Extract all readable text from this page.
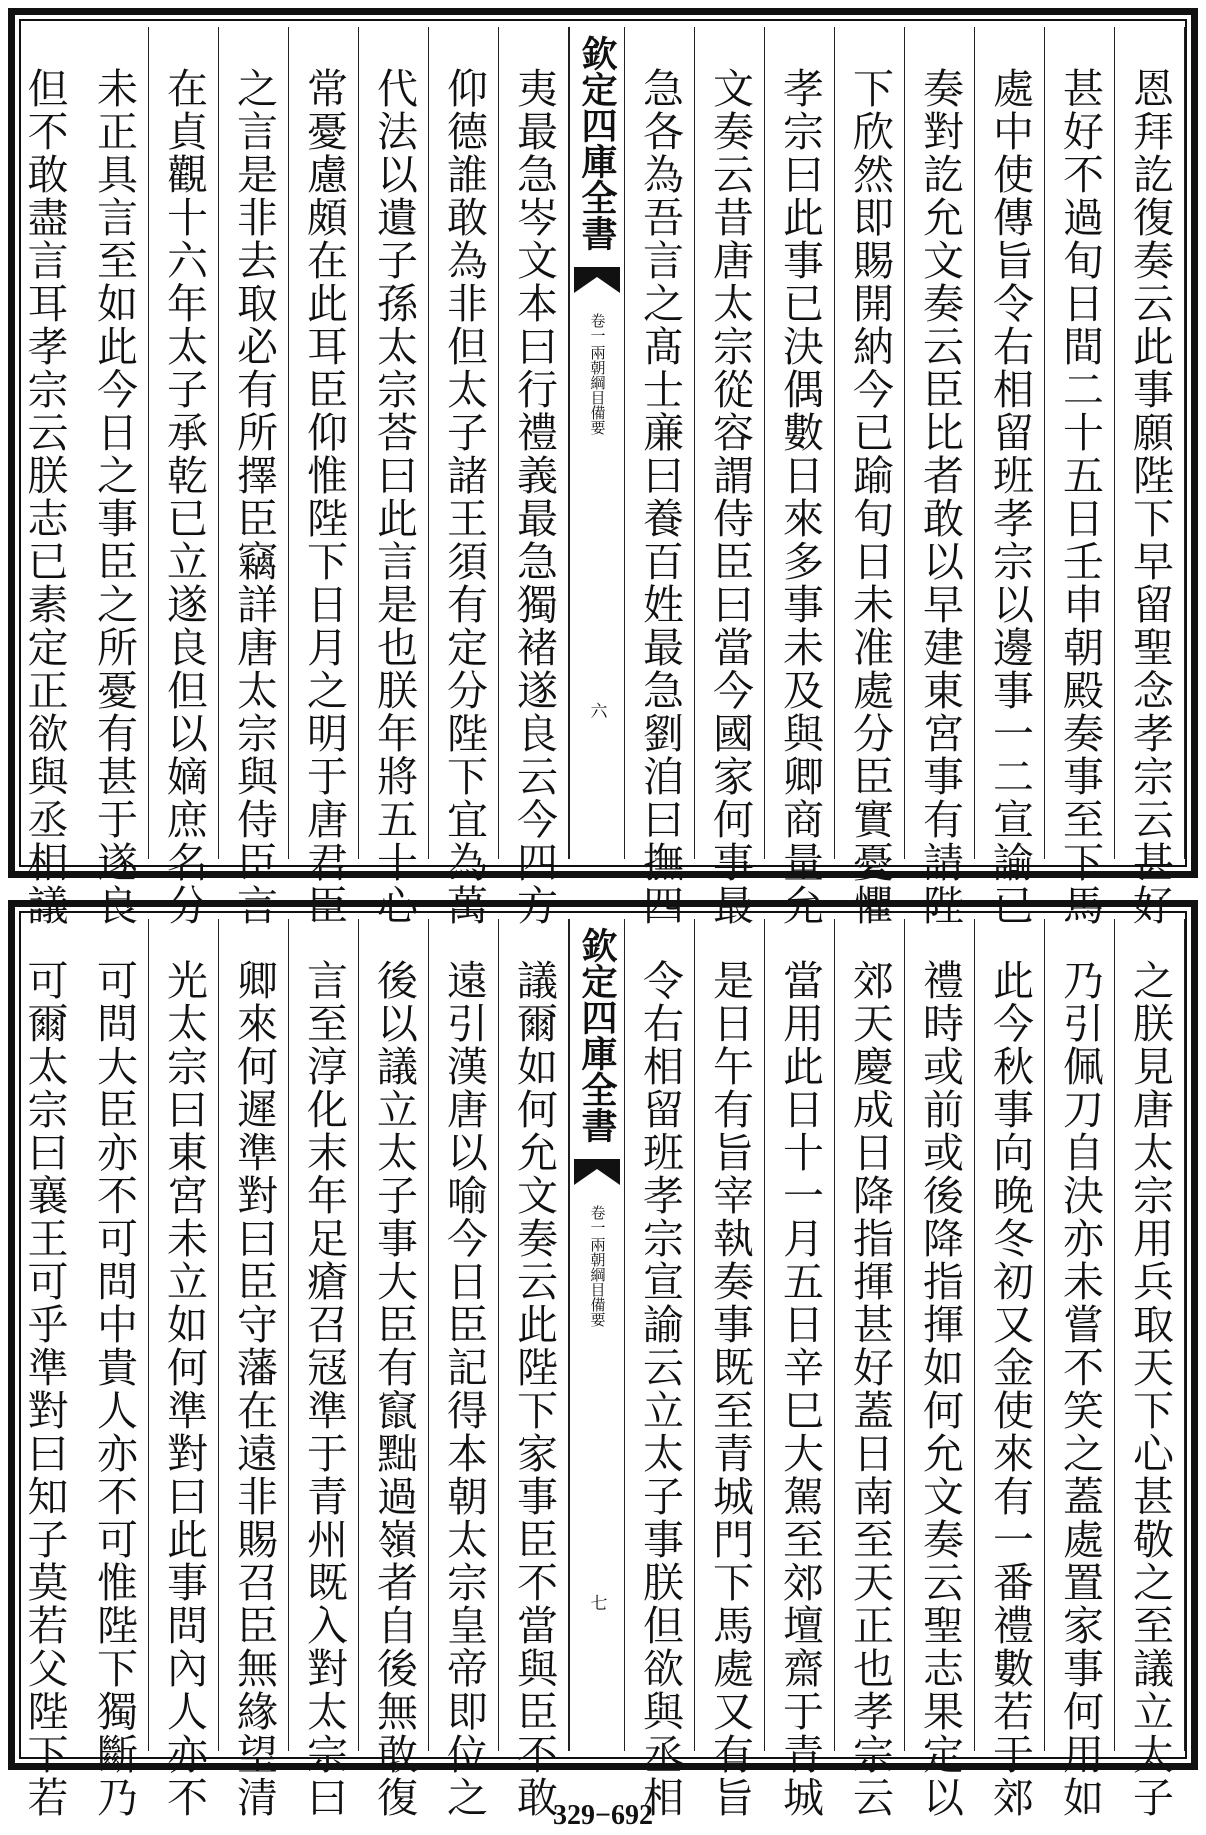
恩拜訖復奏云此事願陛下早留聖念孝宗云甚好
甚好不過旬日間二十五日壬申朝殿奏事至下馬
處中使傳旨令右相留班孝宗以邊事一二宣諭已
奏對訖允文奏云臣比者敢以早建東宮事有請陛
下欣然即賜開納今已踰旬日未准處分臣實憂懼
孝宗曰此事已決偶數日來多事未及與卿商量允
文奏云昔唐太宗從容謂侍臣曰當今國家何事最
急各為吾言之髙士亷曰養百姓最急劉洎曰撫四
欽定四庫全書
兩朝綱目備要
卷一
六
夷最急岑文本曰行禮義最急獨褚遂良云今四方
仰德誰敢為非但太子諸王須有定分陛下宜為萬
代法以遺子孫太宗荅曰此言是也朕年將五十心
常憂慮頗在此耳臣仰惟陛下日月之明于唐君臣
之言是非去取必有所擇臣竊詳唐太宗與侍臣言
在貞觀十六年太子承乾已立遂良但以嫡庶名分
未正具言至如此今日之事臣之所憂有甚于遂良
但不敢盡言耳孝宗云朕志已素定正欲與丞相議
之朕見唐太宗用兵取天下心甚敬之至議立太子
乃引佩刀自決亦未嘗不笑之蓋處置家事何用如
此今秋事向晚冬初又金使來有一番禮數若于郊
禮時或前或後降指揮如何允文奏云聖志果定以
郊天慶成日降指揮甚好蓋日南至天正也孝宗云
當用此日十一月五日辛巳大駕至郊壇齋于青城
是日午有旨宰執奏事既至青城門下馬處又有旨
令右相留班孝宗宣諭云立太子事朕但欲與丞相
欽定四庫全書
兩朝綱目備要
卷一
七
議爾如何允文奏云此陛下家事臣不當與臣不敢
遠引漢唐以喻今日臣記得本朝太宗皇帝即位之
後以議立太子事大臣有竄黜過嶺者自後無敢復
言至淳化末年足瘡召冦準于青州既入對太宗曰
卿來何遲準對曰臣守藩在遠非賜召臣無緣望清
光太宗曰東宮未立如何準對曰此事問內人亦不
可問大臣亦不可問中貴人亦不可惟陛下獨斷乃
可爾太宗曰襄王可乎準對曰知子莫若父陛下若	329−692
